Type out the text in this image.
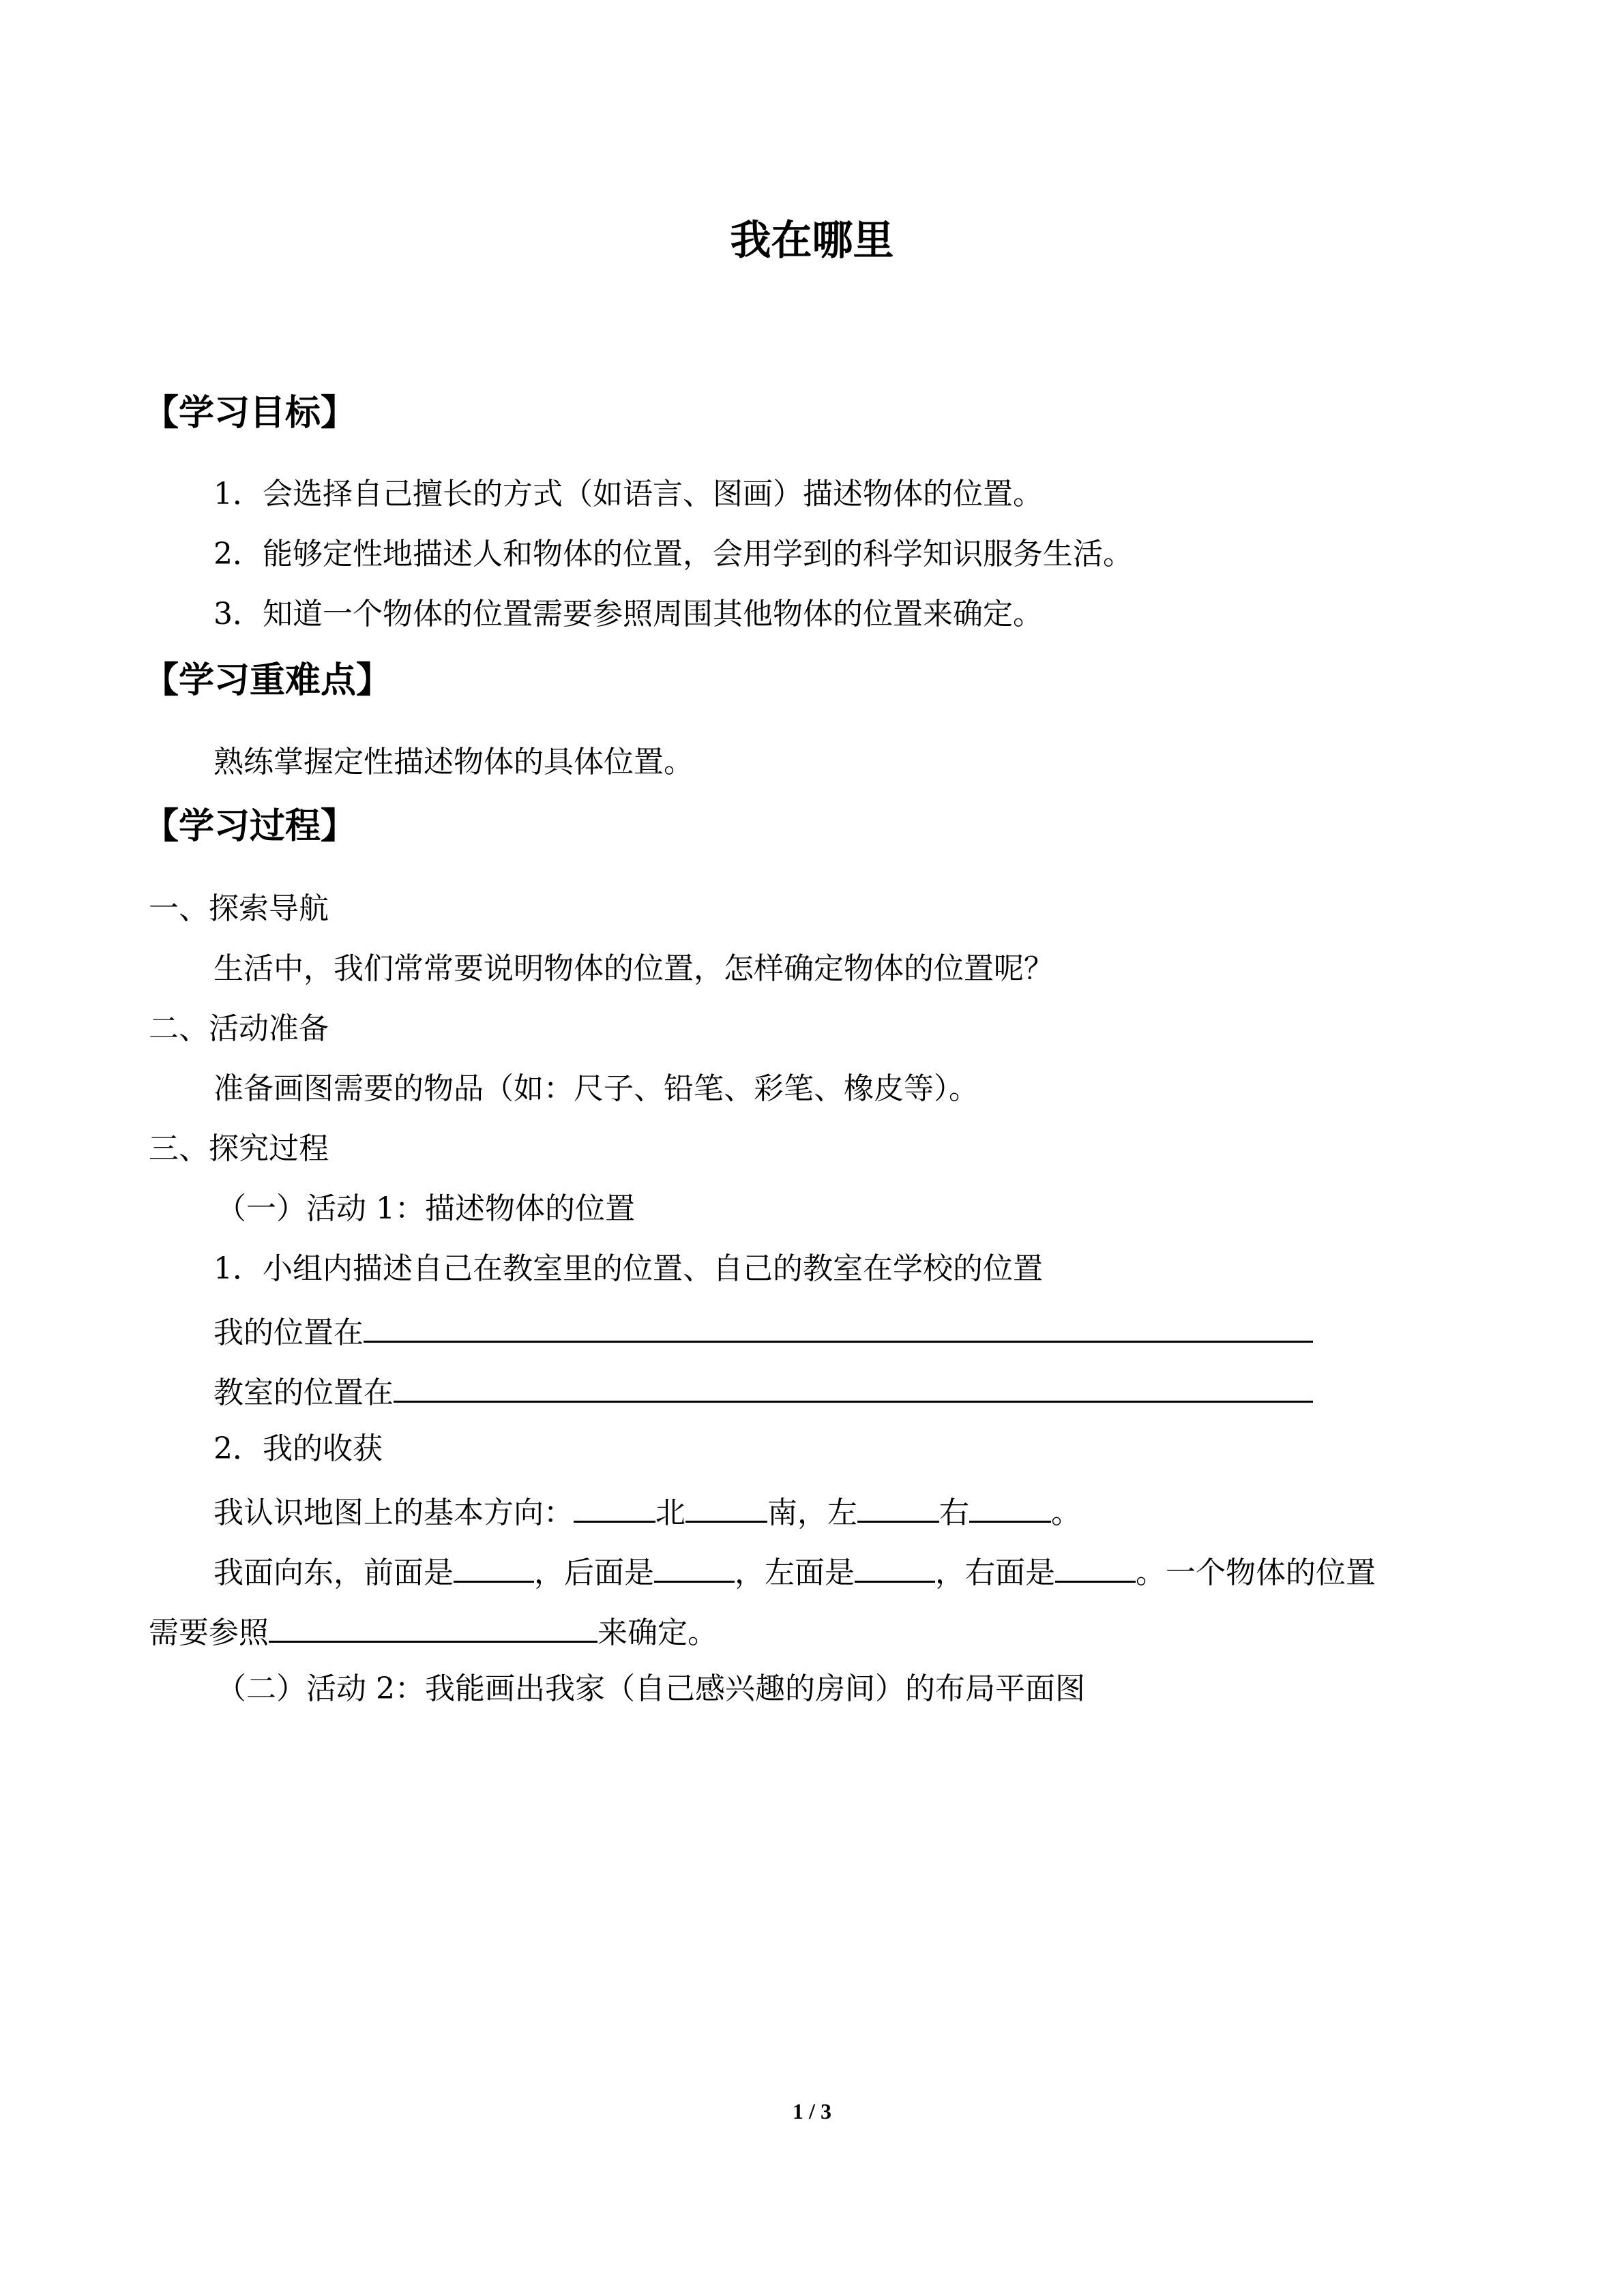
我在哪里
【学习目标】
1．会选择自己擅长的方式（如语言、图画）描述物体的位置。
2．能够定性地描述人和物体的位置，会用学到的科学知识服务生活。
3．知道一个物体的位置需要参照周围其他物体的位置来确定。
【学习重难点】
熟练掌握定性描述物体的具体位置。
【学习过程】
一、探索导航
生活中，我们常常要说明物体的位置，怎样确定物体的位置呢？
二、活动准备
准备画图需要的物品（如：尺子、铅笔、彩笔、橡皮等）。
三、探究过程
（一）活动 1：描述物体的位置
1．小组内描述自己在教室里的位置、自己的教室在学校的位置
我的位置在
教室的位置在
2．我的收获
我认识地图上的基本方向：	北	南，左	右	。
我面向东，前面是	，后面是	，左面是	，右面是	。一个物体的位置
需要参照	来确定。
（二）活动 2：我能画出我家（自己感兴趣的房间）的布局平面图
1 / 3
